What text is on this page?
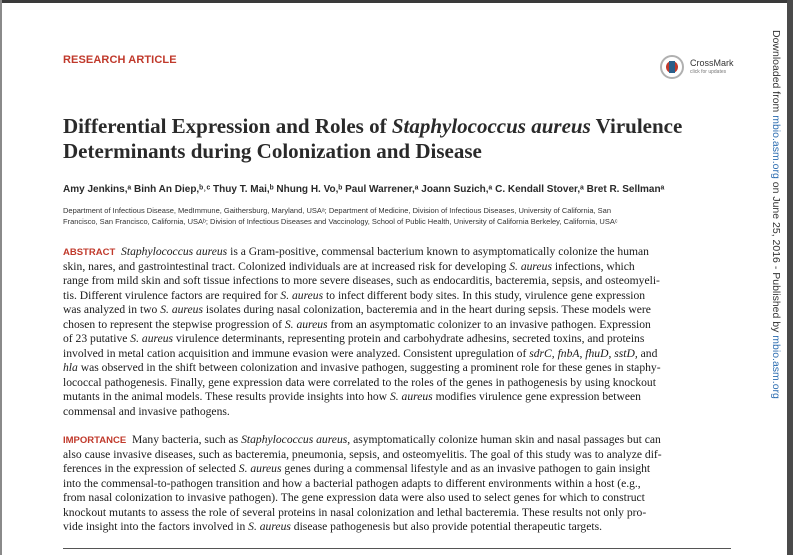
RESEARCH ARTICLE	CrossMark
click for updates
Differential Expression and Roles of Staphylococcus aureus Virulence
Determinants during Colonization and Disease
Amy Jenkins,ᵃ Binh An Diep,ᵇ˒ᶜ Thuy T. Mai,ᵇ Nhung H. Vo,ᵇ Paul Warrener,ᵃ Joann Suzich,ᵃ C. Kendall Stover,ᵃ Bret R. Sellmanᵃ
Department of Infectious Disease, MedImmune, Gaithersburg, Maryland, USAᵃ; Department of Medicine, Division of Infectious Diseases, University of California, San
Francisco, San Francisco, California, USAᵇ; Division of Infectious Diseases and Vaccinology, School of Public Health, University of California Berkeley, California, USAᶜ
ABSTRACT Staphylococcus aureus is a Gram-positive, commensal bacterium known to asymptomatically colonize the human
skin, nares, and gastrointestinal tract. Colonized individuals are at increased risk for developing S. aureus infections, which
range from mild skin and soft tissue infections to more severe diseases, such as endocarditis, bacteremia, sepsis, and osteomyeli-
tis. Different virulence factors are required for S. aureus to infect different body sites. In this study, virulence gene expression
was analyzed in two S. aureus isolates during nasal colonization, bacteremia and in the heart during sepsis. These models were
chosen to represent the stepwise progression of S. aureus from an asymptomatic colonizer to an invasive pathogen. Expression
of 23 putative S. aureus virulence determinants, representing protein and carbohydrate adhesins, secreted toxins, and proteins
involved in metal cation acquisition and immune evasion were analyzed. Consistent upregulation of sdrC, fnbA, fhuD, sstD, and
hla was observed in the shift between colonization and invasive pathogen, suggesting a prominent role for these genes in staphy-
lococcal pathogenesis. Finally, gene expression data were correlated to the roles of the genes in pathogenesis by using knockout
mutants in the animal models. These results provide insights into how S. aureus modifies virulence gene expression between
commensal and invasive pathogens.
IMPORTANCE  Many bacteria, such as Staphylococcus aureus, asymptomatically colonize human skin and nasal passages but can
also cause invasive diseases, such as bacteremia, pneumonia, sepsis, and osteomyelitis. The goal of this study was to analyze dif-
ferences in the expression of selected S. aureus genes during a commensal lifestyle and as an invasive pathogen to gain insight
into the commensal-to-pathogen transition and how a bacterial pathogen adapts to different environments within a host (e.g.,
from nasal colonization to invasive pathogen). The gene expression data were also used to select genes for which to construct
knockout mutants to assess the role of several proteins in nasal colonization and lethal bacteremia. These results not only pro-
vide insight into the factors involved in S. aureus disease pathogenesis but also provide potential therapeutic targets.
Downloaded from mbio.asm.org on June 25, 2016 - Published by mbio.asm.org
